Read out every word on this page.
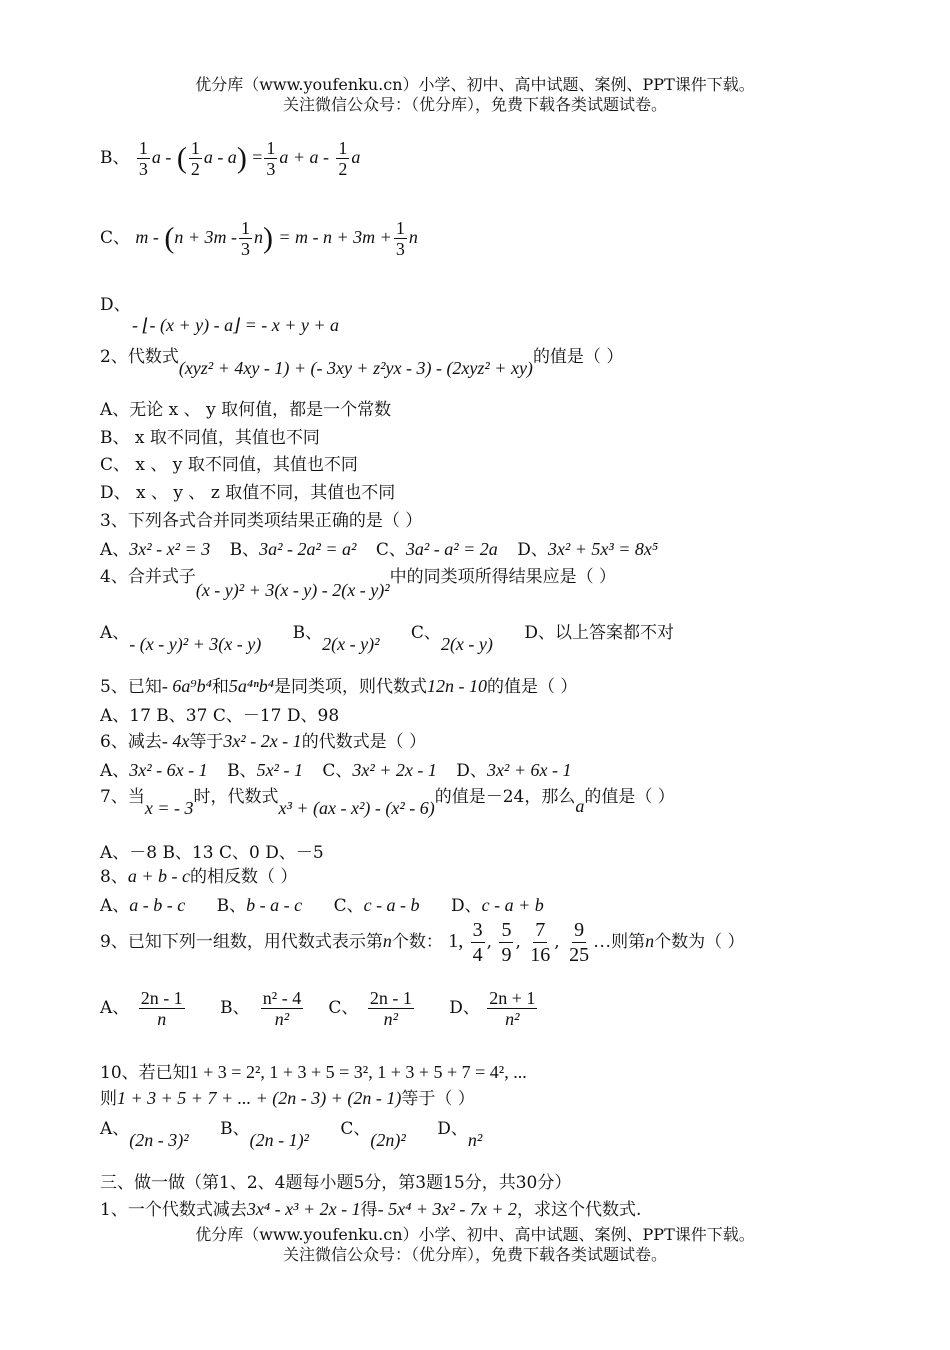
优分库（www.youfenku.cn）小学、初中、高中试题、案例、PPT课件下载。
关注微信公众号：（优分库），免费下载各类试题试卷。
B、 $\frac{1}{3}$ a - ( $\frac{1}{2}$ $a - a) = \frac{1}{3}$ $a + a - \frac{1}{2}$ a
C、 $m - (n + 3m - \frac{1}{3} n) = m - n + 3m + \frac{1}{3}$ n
D、
- ⌊- (x + y) - a⌋ = - x + y + a
2、代数式(xyz² + 4xy - 1) + (- 3xy + z²yx - 3) - (2xyz² + xy)的值是（ ）
A、无论 x 、 y 取何值，都是一个常数
B、 x 取不同值，其值也不同
C、 x 、 y 取不同值，其值也不同
D、 x 、 y 、 z 取值不同，其值也不同
3、下列各式合并同类项结果正确的是（ ）
A、3x² - x² = 3 B、3a² - 2a² = a² C、3a² - a² = 2a D、3x² + 5x³ = 8x⁵
4、合并式子(x - y)² + 3(x - y) - 2(x - y)²中的同类项所得结果应是（ ）
A、- (x - y)² + 3(x - y) B、2(x - y)² C、2(x - y) D、以上答案都不对
5、已知- 6a⁹b⁴和5a⁴ⁿb⁴是同类项，则代数式12n - 10的值是（ ）
A、17 B、37 C、－17 D、98
6、减去- 4x等于3x² - 2x - 1的代数式是（ ）
A、3x² - 6x - 1 B、5x² - 1 C、3x² + 2x - 1 D、3x² + 6x - 1
7、当x = - 3时，代数式x³ + (ax - x²) - (x² - 6)的值是－24，那么a的值是（ ）
A、－8 B、13 C、0 D、－5
8、a + b - c的相反数（ ）
A、a - b - c B、b - a - c C、c - a - b D、c - a + b
9、已知下列一组数，用代数式表示第n个数： 1, $\frac{3}{4}$ , $\frac{5}{9}$ , $\frac{7}{16}$ , $\frac{9}{25}$ …则第n个数为（ ）
A、 $\frac{2n - 1}{n}$ B、 $\frac{\text{n² - 4}}{\text{n²}}$ C、 $\frac{2n - 1}{\text{n²}}$ D、 $\frac{2n + 1}{\text{n²}}$
10、若已知1 + 3 = 2², 1 + 3 + 5 = 3², 1 + 3 + 5 + 7 = 4², ...
则1 + 3 + 5 + 7 + ... + (2n - 3) + (2n - 1)等于（ ）
A、(2n - 3)² B、(2n - 1)² C、(2n)² D、n²
三、做一做（第1、2、4题每小题5分，第3题15分，共30分）
1、一个代数式减去3x⁴ - x³ + 2x - 1得- 5x⁴ + 3x² - 7x + 2，求这个代数式.
优分库（www.youfenku.cn）小学、初中、高中试题、案例、PPT课件下载。
关注微信公众号：（优分库），免费下载各类试题试卷。
